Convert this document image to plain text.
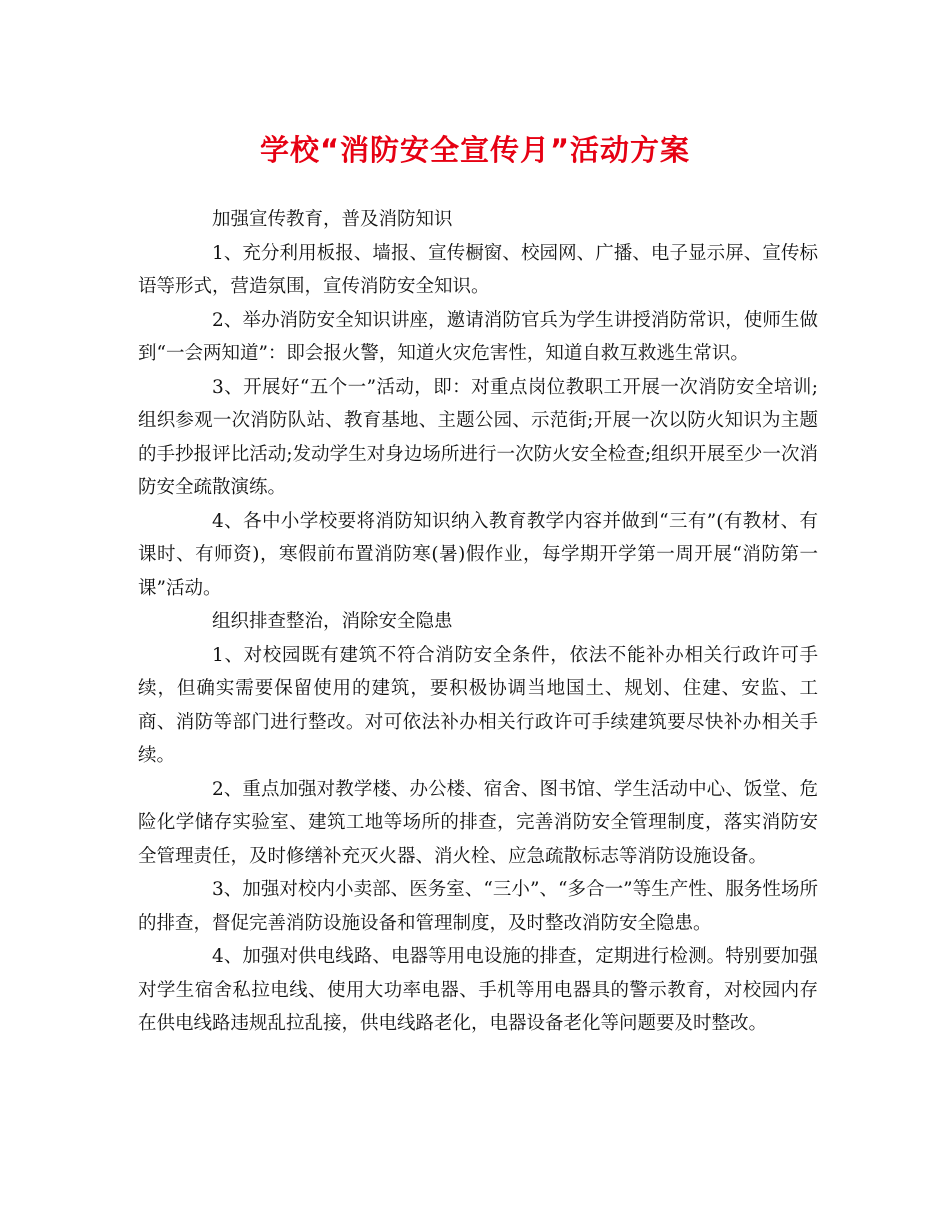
学校“消防安全宣传月”活动方案

加强宣传教育，普及消防知识

1、充分利用板报、墙报、宣传橱窗、校园网、广播、电子显示屏、宣传标语等形式，营造氛围，宣传消防安全知识。

2、举办消防安全知识讲座，邀请消防官兵为学生讲授消防常识，使师生做到“一会两知道”：即会报火警，知道火灾危害性，知道自救互救逃生常识。

3、开展好“五个一”活动，即：对重点岗位教职工开展一次消防安全培训;组织参观一次消防队站、教育基地、主题公园、示范街;开展一次以防火知识为主题的手抄报评比活动;发动学生对身边场所进行一次防火安全检查;组织开展至少一次消防安全疏散演练。

4、各中小学校要将消防知识纳入教育教学内容并做到“三有”(有教材、有课时、有师资)，寒假前布置消防寒(暑)假作业，每学期开学第一周开展“消防第一课”活动。

组织排查整治，消除安全隐患

1、对校园既有建筑不符合消防安全条件，依法不能补办相关行政许可手续，但确实需要保留使用的建筑，要积极协调当地国土、规划、住建、安监、工商、消防等部门进行整改。对可依法补办相关行政许可手续建筑要尽快补办相关手续。

2、重点加强对教学楼、办公楼、宿舍、图书馆、学生活动中心、饭堂、危险化学储存实验室、建筑工地等场所的排查，完善消防安全管理制度，落实消防安全管理责任，及时修缮补充灭火器、消火栓、应急疏散标志等消防设施设备。

3、加强对校内小卖部、医务室、“三小”、“多合一”等生产性、服务性场所的排查，督促完善消防设施设备和管理制度，及时整改消防安全隐患。

4、加强对供电线路、电器等用电设施的排查，定期进行检测。特别要加强对学生宿舍私拉电线、使用大功率电器、手机等用电器具的警示教育，对校园内存在供电线路违规乱拉乱接，供电线路老化，电器设备老化等问题要及时整改。
